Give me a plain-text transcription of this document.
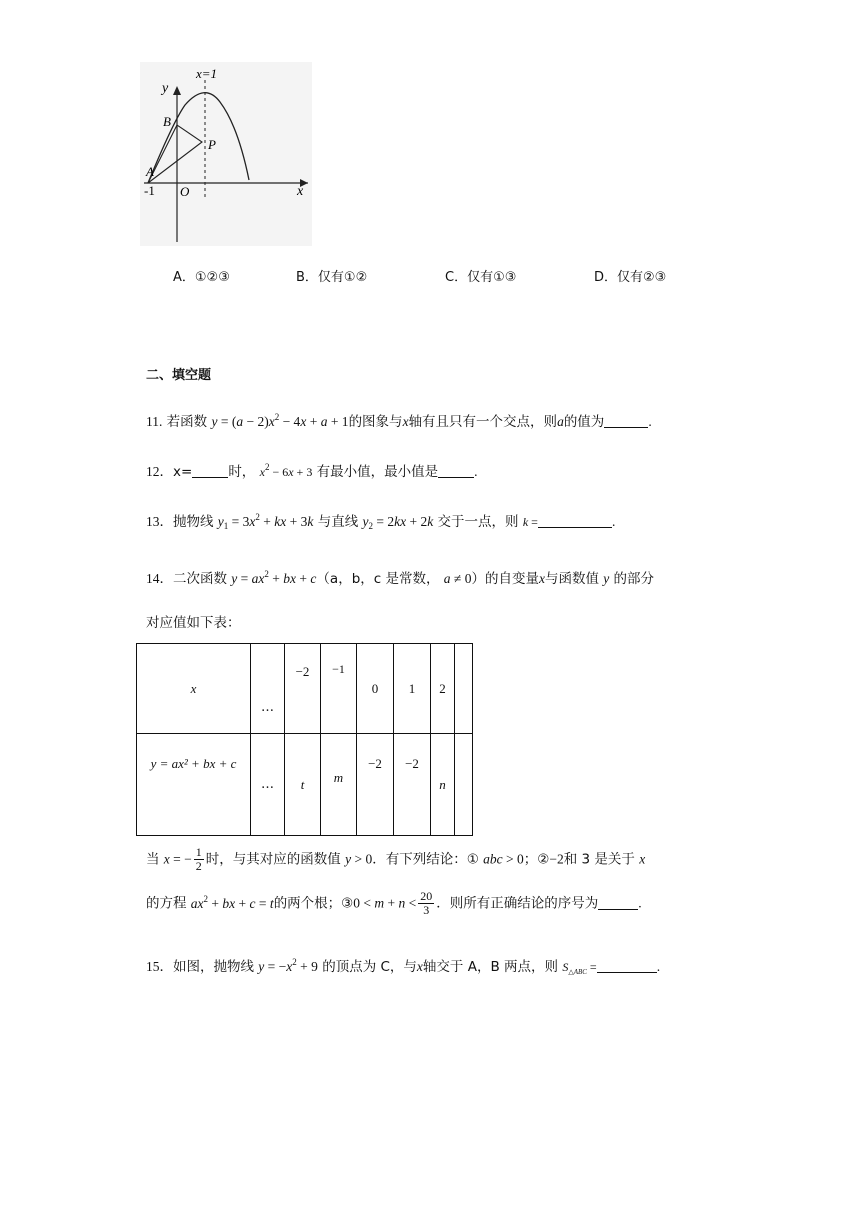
x=1
y
x
B
P
A
-1 O
A．①②③	B．仅有①②	C．仅有①③	D．仅有②③
二、填空题
11. 若函数 $y = (a - 2)x^2 - 4x + a + 1$的图象与x轴有且只有一个交点，则a的值为	.
12．x=	时， $x^2 - 6x + 3$ 有最小值，最小值是	.
13．抛物线 $y_1 = 3x^2$ + kx + 3k 与直线 $y_2 = 2kx + 2k$ 交于一点，则 k =	.
14．二次函数 $y = ax^2$ + bx + c（a，b，c 是常数， a ≠ 0）的自变量x与函数值 y 的部分
对应值如下表：
x	…	−2	−1	0	1	2	
y = ax² + bx + c	…	t	m	−2	−2	n	
当 x = − $\frac{1}{2}$ 时，与其对应的函数值 y > 0．有下列结论：① abc > 0；②−2和 3 是关于 x
的方程 $ax^2$ + bx + c = t的两个根；③0 < $m + n < \frac{20}{3}$ ．则所有正确结论的序号为	.
15．如图，抛物线 $y = -x^2 + 9$ 的顶点为 C，与x轴交于 A，B 两点，则 $S_{\triangle ABC}$ =	.
